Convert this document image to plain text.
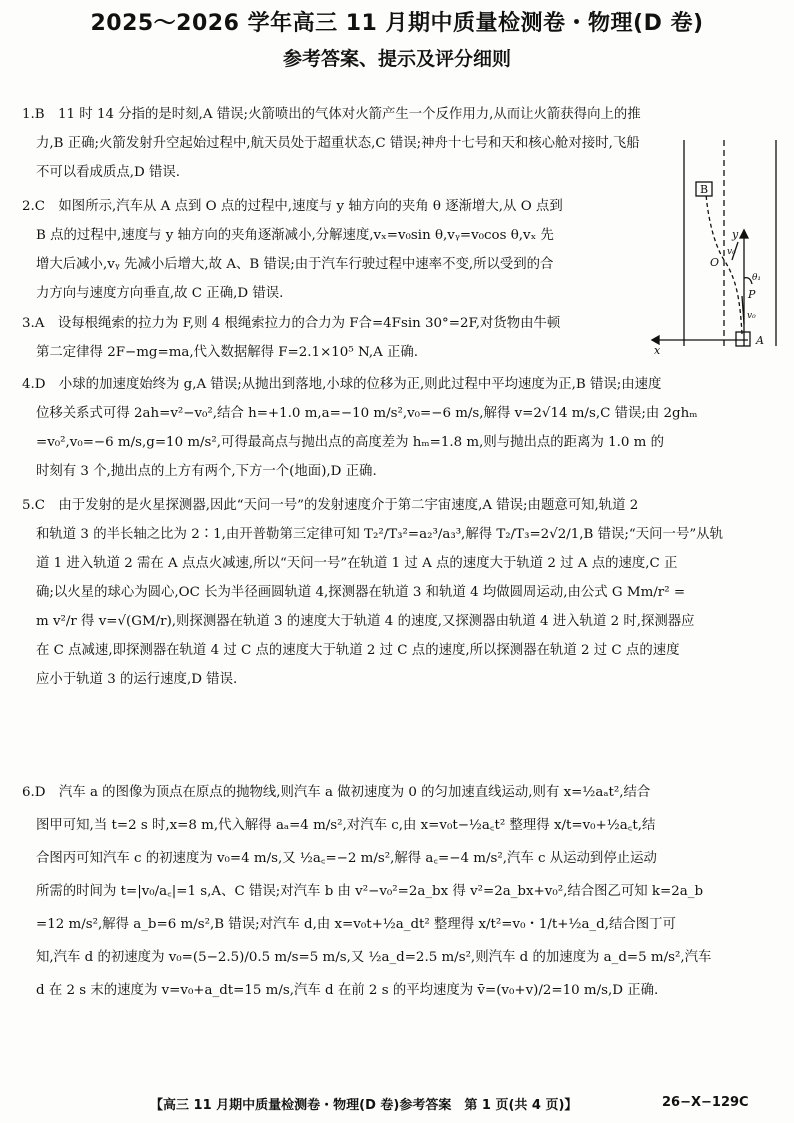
2025～2026 学年高三 11 月期中质量检测卷・物理(D 卷)
参考答案、提示及评分细则

1.B　11 时 14 分指的是时刻,A 错误;火箭喷出的气体对火箭产生一个反作用力,从而让火箭获得向上的推

力,B 正确;火箭发射升空起始过程中,航天员处于超重状态,C 错误;神舟十七号和天和核心舱对接时,飞船

不可以看成质点,D 错误.

2.C　如图所示,汽车从 A 点到 O 点的过程中,速度与 y 轴方向的夹角 θ 逐渐增大,从 O 点到

B 点的过程中,速度与 y 轴方向的夹角逐渐减小,分解速度,vₓ=v₀sin θ,vᵧ=v₀cos θ,vₓ 先

增大后减小,vᵧ 先减小后增大,故 A、B 错误;由于汽车行驶过程中速率不变,所以受到的合

力方向与速度方向垂直,故 C 正确,D 错误.

3.A　设每根绳索的拉力为 F,则 4 根绳索拉力的合力为 F合=4Fsin 30°=2F,对货物由牛顿

第二定律得 2F−mg=ma,代入数据解得 F=2.1×10⁵ N,A 正确.

4.D　小球的加速度始终为 g,A 错误;从抛出到落地,小球的位移为正,则此过程中平均速度为正,B 错误;由速度

位移关系式可得 2ah=v²−v₀²,结合 h=+1.0 m,a=−10 m/s²,v₀=−6 m/s,解得 v=2√14 m/s,C 错误;由 2ghₘ

=v₀²,v₀=−6 m/s,g=10 m/s²,可得最高点与抛出点的高度差为 hₘ=1.8 m,则与抛出点的距离为 1.0 m 的

时刻有 3 个,抛出点的上方有两个,下方一个(地面),D 正确.

5.C　由于发射的是火星探测器,因此“天问一号”的发射速度介于第二宇宙速度,A 错误;由题意可知,轨道 2

和轨道 3 的半长轴之比为 2∶1,由开普勒第三定律可知 T₂²/T₃²=a₂³/a₃³,解得 T₂/T₃=2√2/1,B 错误;“天问一号”从轨

道 1 进入轨道 2 需在 A 点点火减速,所以“天问一号”在轨道 1 过 A 点的速度大于轨道 2 过 A 点的速度,C 正

确;以火星的球心为圆心,OC 长为半径画圆轨道 4,探测器在轨道 3 和轨道 4 均做圆周运动,由公式 G Mm/r² =

m v²/r 得 v=√(GM/r),则探测器在轨道 3 的速度大于轨道 4 的速度,又探测器由轨道 4 进入轨道 2 时,探测器应

在 C 点减速,即探测器在轨道 4 过 C 点的速度大于轨道 2 过 C 点的速度,所以探测器在轨道 2 过 C 点的速度

应小于轨道 3 的运行速度,D 错误.

6.D　汽车 a 的图像为顶点在原点的抛物线,则汽车 a 做初速度为 0 的匀加速直线运动,则有 x=½aₐt²,结合

图甲可知,当 t=2 s 时,x=8 m,代入解得 aₐ=4 m/s²,对汽车 c,由 x=v₀t−½a꜀t² 整理得 x/t=v₀+½a꜀t,结

合图丙可知汽车 c 的初速度为 v₀=4 m/s,又 ½a꜀=−2 m/s²,解得 a꜀=−4 m/s²,汽车 c 从运动到停止运动

所需的时间为 t=|v₀/a꜀|=1 s,A、C 错误;对汽车 b 由 v²−v₀²=2a_bx 得 v²=2a_bx+v₀²,结合图乙可知 k=2a_b

=12 m/s²,解得 a_b=6 m/s²,B 错误;对汽车 d,由 x=v₀t+½a_dt² 整理得 x/t²=v₀・1/t+½a_d,结合图丁可

知,汽车 d 的初速度为 v₀=(5−2.5)/0.5 m/s=5 m/s,又 ½a_d=2.5 m/s²,则汽车 d 的加速度为 a_d=5 m/s²,汽车

d 在 2 s 末的速度为 v=v₀+a_dt=15 m/s,汽车 d 在前 2 s 的平均速度为 v̄=(v₀+v)/2=10 m/s,D 正确.

B
A
O
x
y
P
v₀
v₀
θ₁
【高三 11 月期中质量检测卷・物理(D 卷)参考答案　第 1 页(共 4 页)】	26−X−129C
